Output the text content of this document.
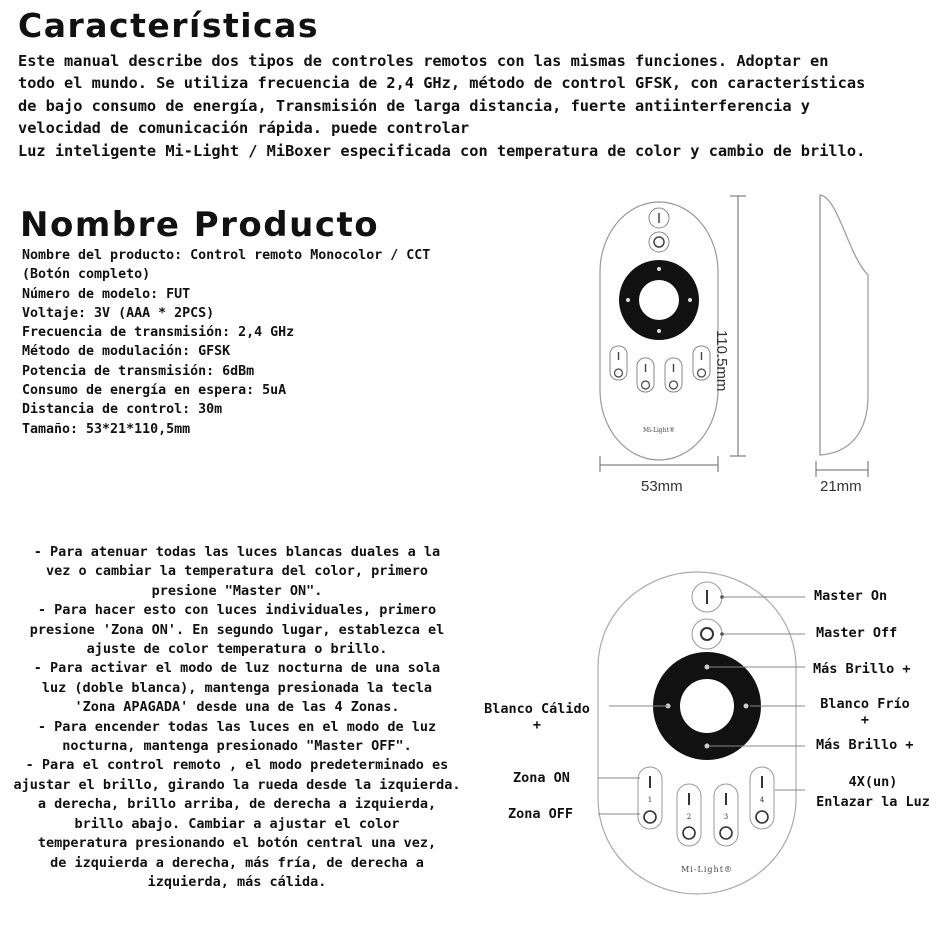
Características
Este manual describe dos tipos de controles remotos con las mismas funciones. Adoptar en
todo el mundo. Se utiliza frecuencia de 2,4 GHz, método de control GFSK, con características
de bajo consumo de energía, Transmisión de larga distancia, fuerte antiinterferencia y
velocidad de comunicación rápida. puede controlar
Luz inteligente Mi-Light / MiBoxer especificada con temperatura de color y cambio de brillo.
Nombre Producto
Nombre del producto: Control remoto Monocolor / CCT
(Botón completo)
Número de modelo: FUT
Voltaje: 3V (AAA * 2PCS)
Frecuencia de transmisión: 2,4 GHz
Método de modulación: GFSK
Potencia de transmisión: 6dBm
Consumo de energía en espera: 5uA
Distancia de control: 30m
Tamaño: 53*21*110,5mm	Mi-Light®
110.5mm
53mm	21mm
- Para atenuar todas las luces blancas duales a la
vez o cambiar la temperatura del color, primero
presione "Master ON".
- Para hacer esto con luces individuales, primero
presione 'Zona ON'. En segundo lugar, establezca el
ajuste de color temperatura o brillo.
- Para activar el modo de luz nocturna de una sola
luz (doble blanca), mantenga presionada la tecla
'Zona APAGADA' desde una de las 4 Zonas.
- Para encender todas las luces en el modo de luz
nocturna, mantenga presionado "Master OFF".
- Para el control remoto , el modo predeterminado es
ajustar el brillo, girando la rueda desde la izquierda.
a derecha, brillo arriba, de derecha a izquierda,
brillo abajo. Cambiar a ajustar el color
temperatura presionando el botón central una vez,
de izquierda a derecha, más fría, de derecha a
izquierda, más cálida.
1
2	3
4
Mi-Light®
Master On
Master Off
Más Brillo +
Blanco Frío
+
Más Brillo +
Blanco Cálido
+
Zona ON
Zona OFF
4X(un)
Enlazar la Luz
